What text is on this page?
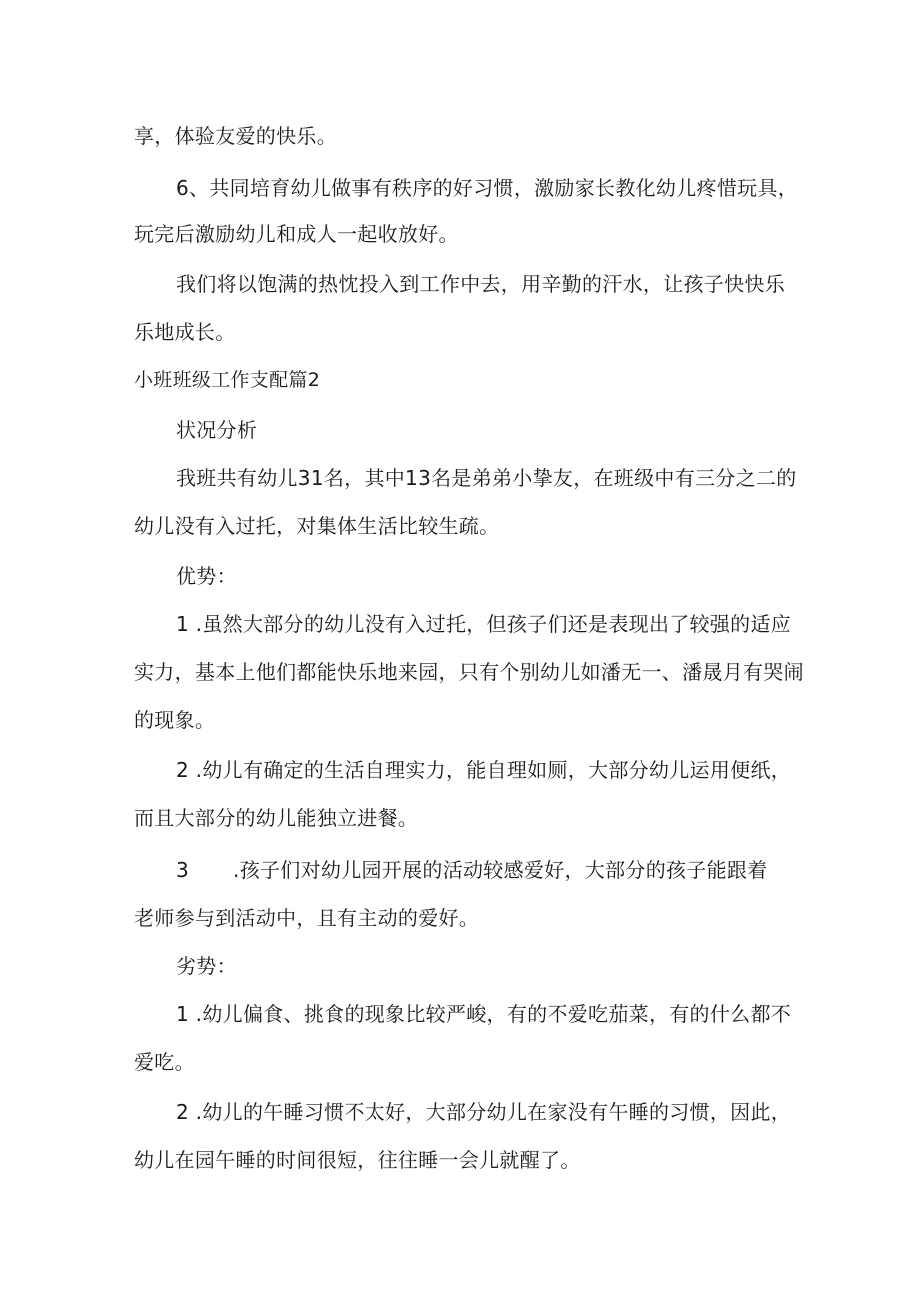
享，体验友爱的快乐。
6、共同培育幼儿做事有秩序的好习惯，激励家长教化幼儿疼惜玩具，
玩完后激励幼儿和成人一起收放好。
我们将以饱满的热忱投入到工作中去，用辛勤的汗水，让孩子快快乐
乐地成长。
小班班级工作支配篇2
状况分析
我班共有幼儿31名，其中13名是弟弟小挚友，在班级中有三分之二的
幼儿没有入过托，对集体生活比较生疏。
优势：
1 .虽然大部分的幼儿没有入过托，但孩子们还是表现出了较强的适应
实力，基本上他们都能快乐地来园，只有个别幼儿如潘无一、潘晟月有哭闹
的现象。
2 .幼儿有确定的生活自理实力，能自理如厕，大部分幼儿运用便纸，
而且大部分的幼儿能独立进餐。
3 .孩子们对幼儿园开展的活动较感爱好，大部分的孩子能跟着
老师参与到活动中，且有主动的爱好。
劣势：
1 .幼儿偏食、挑食的现象比较严峻，有的不爱吃茄菜，有的什么都不
爱吃。
2 .幼儿的午睡习惯不太好，大部分幼儿在家没有午睡的习惯，因此，
幼儿在园午睡的时间很短，往往睡一会儿就醒了。
